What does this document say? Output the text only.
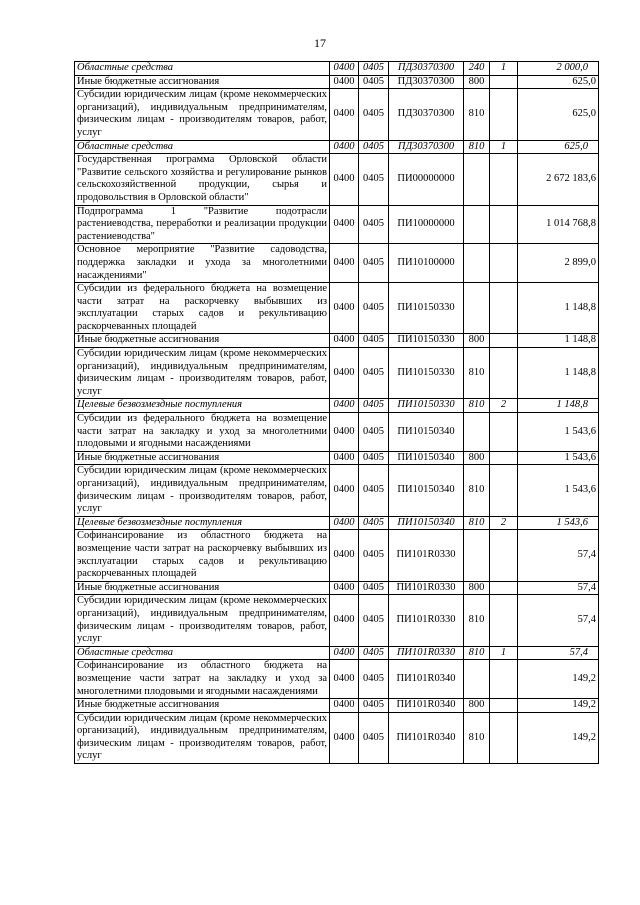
17
Областные средства	0400	0405	ПД30370300	240	1	2 000,0
Иные бюджетные ассигнования	0400	0405	ПД30370300	800		625,0
Субсидии юридическим лицам (кроме некоммерческих организаций), индивидуальным предпринимателям, физическим лицам - производителям товаров, работ, услуг	0400	0405	ПД30370300	810		625,0
Областные средства	0400	0405	ПД30370300	810	1	625,0
Государственная программа Орловской области "Развитие сельского хозяйства и регулирование рынков сельскохозяйственной продукции, сырья и продовольствия в Орловской области"	0400	0405	ПИ00000000			2 672 183,6
Подпрограмма 1 "Развитие подотрасли растениеводства, переработки и реализации продукции растениеводства"	0400	0405	ПИ10000000			1 014 768,8
Основное мероприятие "Развитие садоводства, поддержка закладки и ухода за многолетними насаждениями"	0400	0405	ПИ10100000			2 899,0
Субсидии из федерального бюджета на возмещение части затрат на раскорчевку выбывших из эксплуатации старых садов и рекультивацию раскорчеванных площадей	0400	0405	ПИ10150330			1 148,8
Иные бюджетные ассигнования	0400	0405	ПИ10150330	800		1 148,8
Субсидии юридическим лицам (кроме некоммерческих организаций), индивидуальным предпринимателям, физическим лицам - производителям товаров, работ, услуг	0400	0405	ПИ10150330	810		1 148,8
Целевые безвозмездные поступления	0400	0405	ПИ10150330	810	2	1 148,8
Субсидии из федерального бюджета на возмещение части затрат на закладку и уход за многолетними плодовыми и ягодными насаждениями	0400	0405	ПИ10150340			1 543,6
Иные бюджетные ассигнования	0400	0405	ПИ10150340	800		1 543,6
Субсидии юридическим лицам (кроме некоммерческих организаций), индивидуальным предпринимателям, физическим лицам - производителям товаров, работ, услуг	0400	0405	ПИ10150340	810		1 543,6
Целевые безвозмездные поступления	0400	0405	ПИ10150340	810	2	1 543,6
Софинансирование из областного бюджета на возмещение части затрат на раскорчевку выбывших из эксплуатации старых садов и рекультивацию раскорчеванных площадей	0400	0405	ПИ101R0330			57,4
Иные бюджетные ассигнования	0400	0405	ПИ101R0330	800		57,4
Субсидии юридическим лицам (кроме некоммерческих организаций), индивидуальным предпринимателям, физическим лицам - производителям товаров, работ, услуг	0400	0405	ПИ101R0330	810		57,4
Областные средства	0400	0405	ПИ101R0330	810	1	57,4
Софинансирование из областного бюджета на возмещение части затрат на закладку и уход за многолетними плодовыми и ягодными насаждениями	0400	0405	ПИ101R0340			149,2
Иные бюджетные ассигнования	0400	0405	ПИ101R0340	800		149,2
Субсидии юридическим лицам (кроме некоммерческих организаций), индивидуальным предпринимателям, физическим лицам - производителям товаров, работ, услуг	0400	0405	ПИ101R0340	810		149,2
